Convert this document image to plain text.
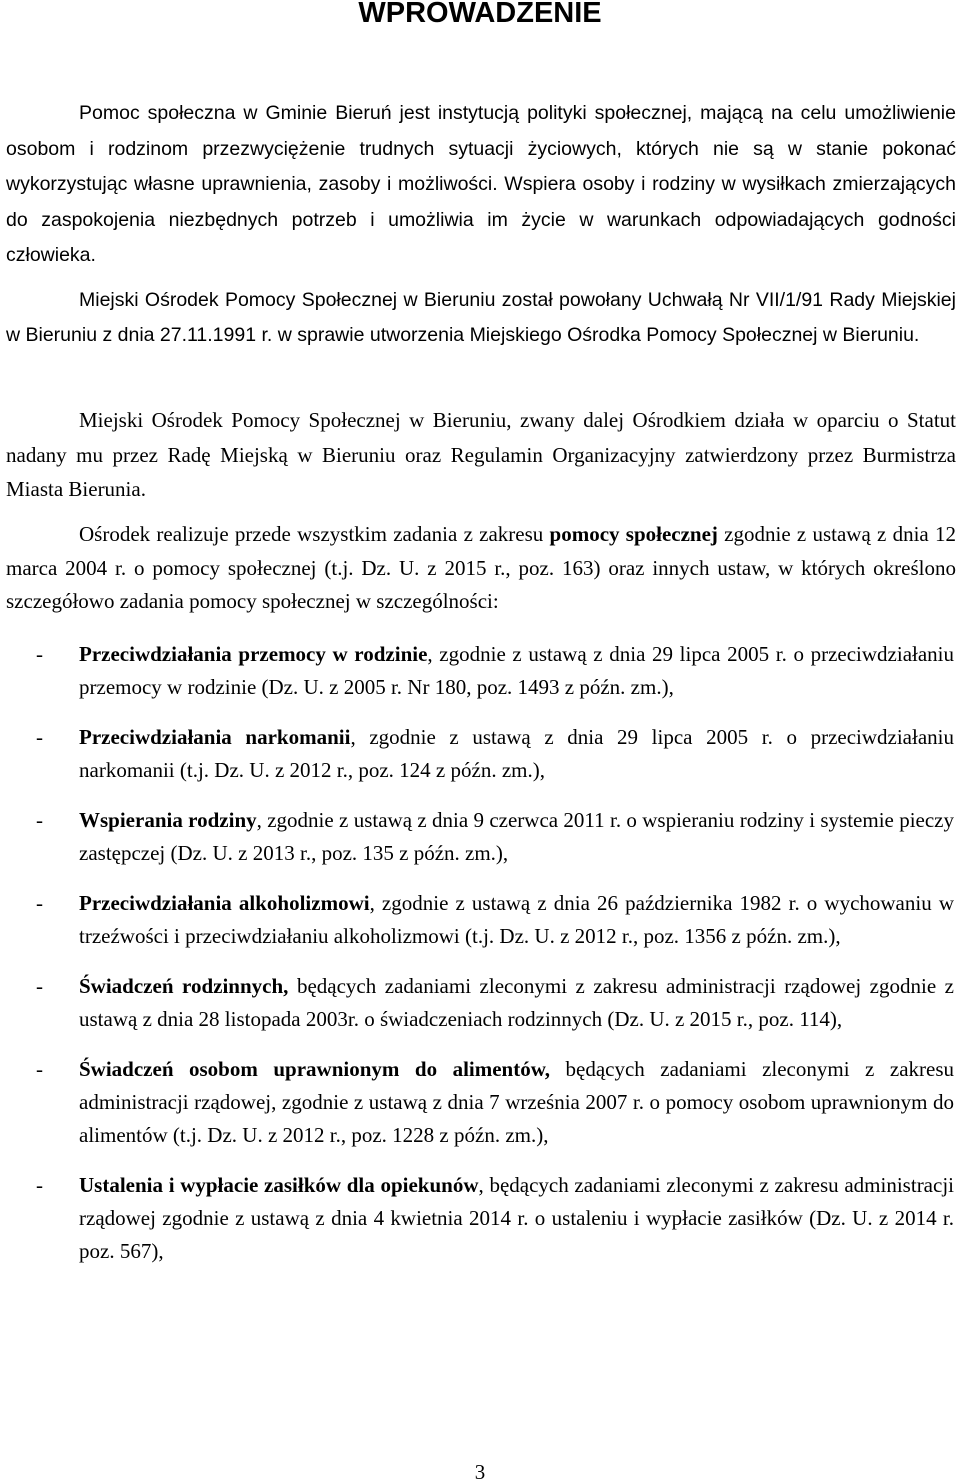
WPROWADZENIE

Pomoc społeczna w Gminie Bieruń jest instytucją polityki społecznej, mającą na celu umożliwienie osobom i rodzinom przezwyciężenie trudnych sytuacji życiowych, których nie są w stanie pokonać wykorzystując własne uprawnienia, zasoby i możliwości. Wspiera osoby i rodziny w wysiłkach zmierzających do zaspokojenia niezbędnych potrzeb i umożliwia im życie w warunkach odpowiadających godności człowieka.

Miejski Ośrodek Pomocy Społecznej w Bieruniu został powołany Uchwałą Nr VII/1/91 Rady Miejskiej w Bieruniu z dnia 27.11.1991 r. w sprawie utworzenia Miejskiego Ośrodka Pomocy Społecznej w Bieruniu.

Miejski Ośrodek Pomocy Społecznej w Bieruniu, zwany dalej Ośrodkiem działa w oparciu o Statut nadany mu przez Radę Miejską w Bieruniu oraz Regulamin Organizacyjny zatwierdzony przez Burmistrza Miasta Bierunia.

Ośrodek realizuje przede wszystkim zadania z zakresu pomocy społecznej zgodnie z ustawą z dnia 12 marca 2004 r. o pomocy społecznej (t.j. Dz. U. z 2015 r., poz. 163) oraz innych ustaw, w których określono szczegółowo zadania pomocy społecznej w szczególności:

- Przeciwdziałania przemocy w rodzinie, zgodnie z ustawą z dnia 29 lipca 2005 r. o przeciwdziałaniu przemocy w rodzinie (Dz. U. z 2005 r. Nr 180, poz. 1493 z późn. zm.),
- Przeciwdziałania narkomanii, zgodnie z ustawą z dnia 29 lipca 2005 r. o przeciwdziałaniu narkomanii (t.j. Dz. U. z 2012 r., poz. 124 z późn. zm.),
- Wspierania rodziny, zgodnie z ustawą z dnia 9 czerwca 2011 r. o wspieraniu rodziny i systemie pieczy zastępczej (Dz. U. z 2013 r., poz. 135 z późn. zm.),
- Przeciwdziałania alkoholizmowi, zgodnie z ustawą z dnia 26 października 1982 r. o wychowaniu w trzeźwości i przeciwdziałaniu alkoholizmowi (t.j. Dz. U. z 2012 r., poz. 1356 z późn. zm.),
- Świadczeń rodzinnych, będących zadaniami zleconymi z zakresu administracji rządowej zgodnie z ustawą z dnia 28 listopada 2003r. o świadczeniach rodzinnych (Dz. U. z 2015 r., poz. 114),
- Świadczeń osobom uprawnionym do alimentów, będących zadaniami zleconymi z zakresu administracji rządowej, zgodnie z ustawą z dnia 7 września 2007 r. o pomocy osobom uprawnionym do alimentów (t.j. Dz. U. z 2012 r., poz. 1228 z późn. zm.),
- Ustalenia i wypłacie zasiłków dla opiekunów, będących zadaniami zleconymi z zakresu administracji rządowej zgodnie z ustawą z dnia 4 kwietnia 2014 r. o ustaleniu i wypłacie zasiłków (Dz. U. z 2014 r. poz. 567),
3
